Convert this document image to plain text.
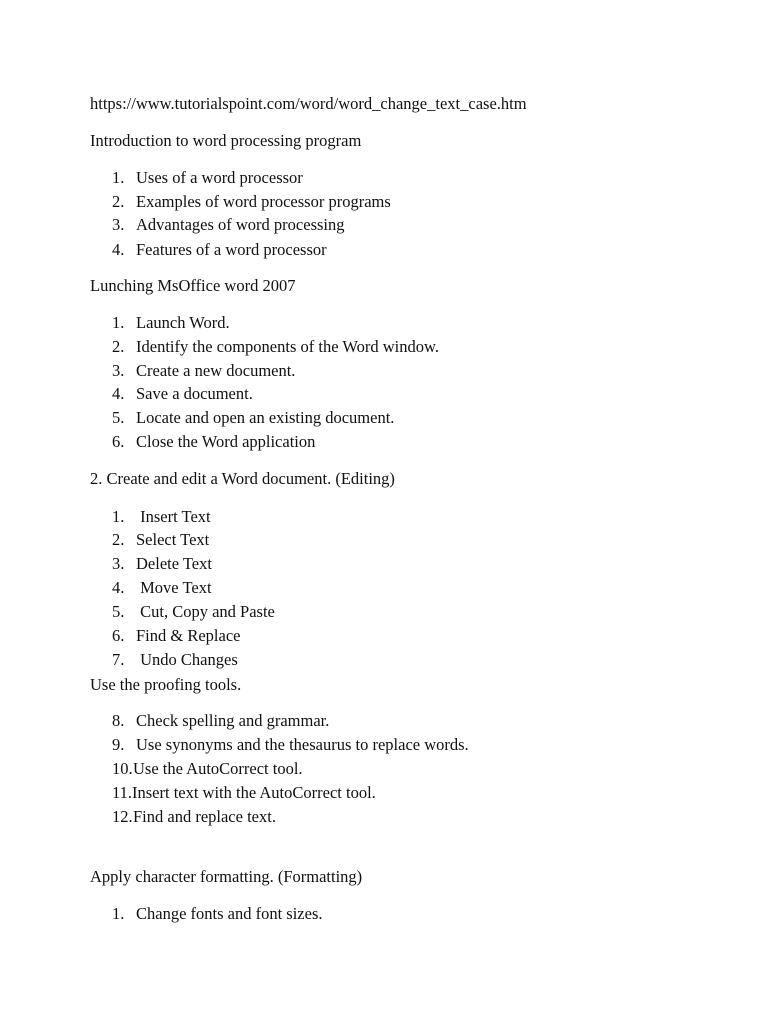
https://www.tutorialspoint.com/word/word_change_text_case.htm
Introduction to word processing program
1. Uses of a word processor
2. Examples of word processor programs
3. Advantages of word processing
4. Features of a word processor
Lunching MsOffice word 2007
1. Launch Word.
2. Identify the components of the Word window.
3. Create a new document.
4. Save a document.
5. Locate and open an existing document.
6. Close the Word application
2. Create and edit a Word document. (Editing)
1. Insert Text
2. Select Text
3. Delete Text
4. Move Text
5. Cut, Copy and Paste
6. Find & Replace
7. Undo Changes
Use the proofing tools.
8. Check spelling and grammar.
9. Use synonyms and the thesaurus to replace words.
10. Use the AutoCorrect tool.
11. Insert text with the AutoCorrect tool.
12. Find and replace text.
Apply character formatting. (Formatting)
1. Change fonts and font sizes.
